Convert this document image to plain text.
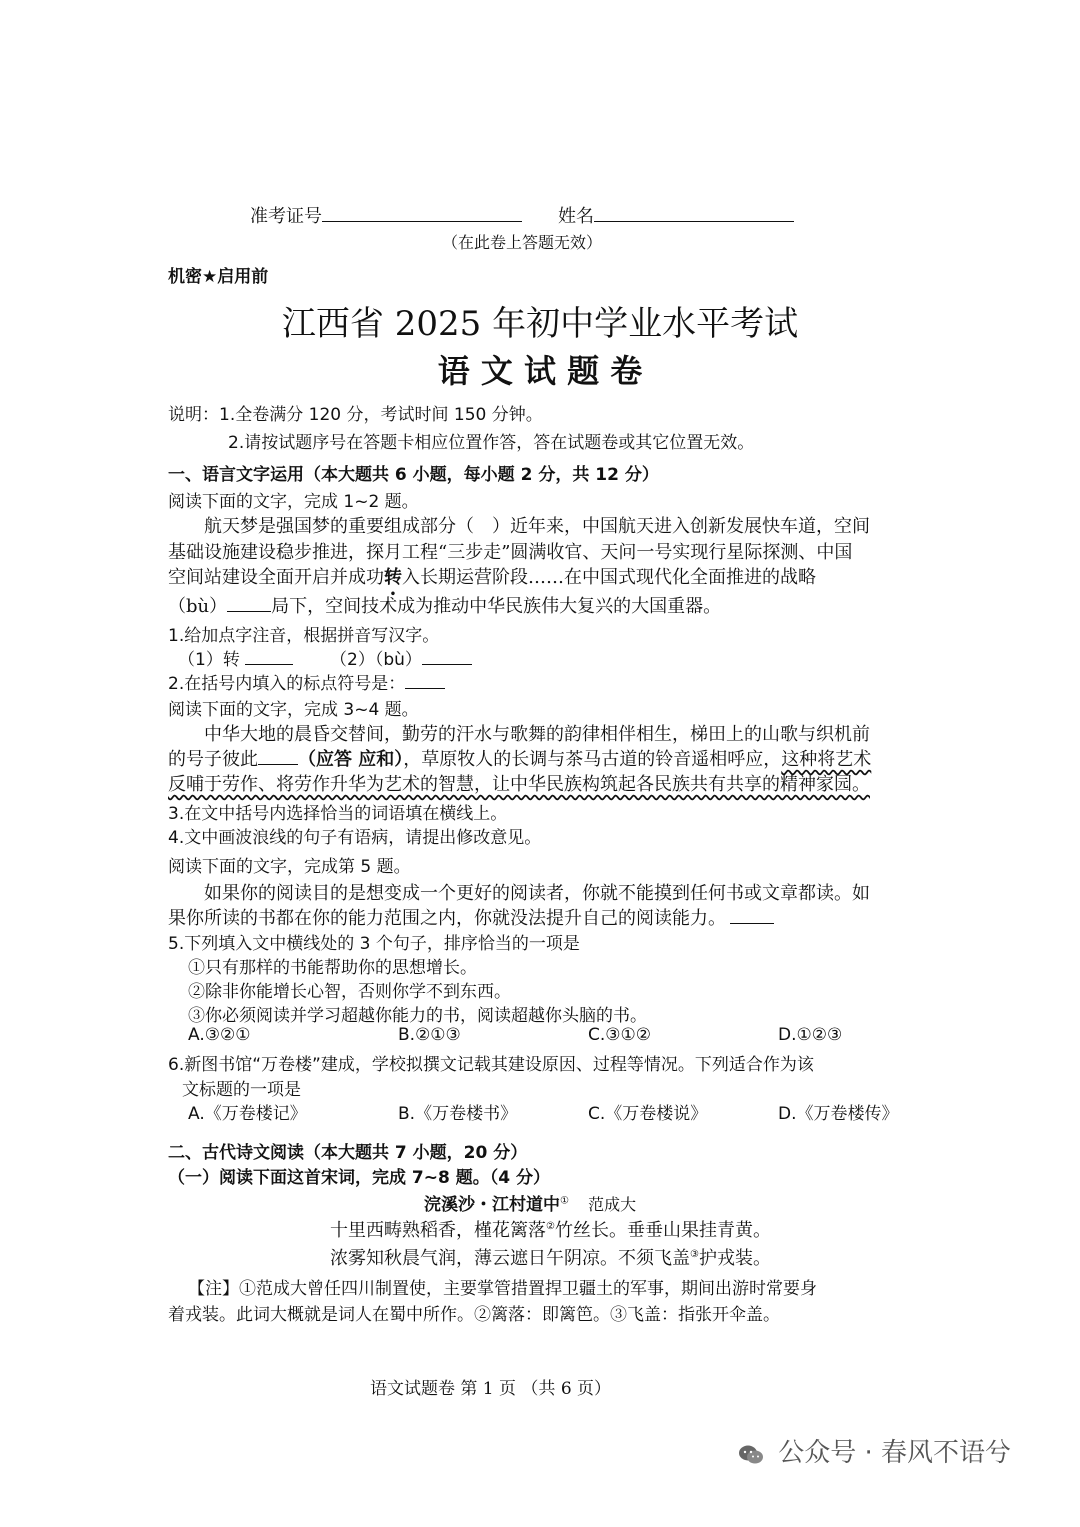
准考证号	姓名
（在此卷上答题无效）
机密★启用前
江西省 2025 年初中学业水平考试
语 文 试 题 卷
说明：1.全卷满分 120 分，考试时间 150 分钟。
2.请按试题序号在答题卡相应位置作答，答在试题卷或其它位置无效。
一、语言文字运用（本大题共 6 小题，每小题 2 分，共 12 分）
阅读下面的文字，完成 1~2 题。
航天梦是强国梦的重要组成部分（　）近年来，中国航天进入创新发展快车道，空间
基础设施建设稳步推进，探月工程“三步走”圆满收官、天问一号实现行星际探测、中国
空间站建设全面开启并成功转入长期运营阶段……在中国式现代化全面推进的战略
（bù） 局下，空间技术成为推动中华民族伟大复兴的大国重器。
1.给加点字注音，根据拼音写汉字。
（1）转	（2）（bù）
2.在括号内填入的标点符号是：
阅读下面的文字，完成 3~4 题。
中华大地的晨昏交替间，勤劳的汗水与歌舞的韵律相伴相生，梯田上的山歌与织机前
的号子彼此 （应答 应和），草原牧人的长调与茶马古道的铃音遥相呼应，这种将艺术
反哺于劳作、将劳作升华为艺术的智慧，让中华民族构筑起各民族共有共享的精神家园。
3.在文中括号内选择恰当的词语填在横线上。
4.文中画波浪线的句子有语病，请提出修改意见。
阅读下面的文字，完成第 5 题。
如果你的阅读目的是想变成一个更好的阅读者，你就不能摸到任何书或文章都读。如
果你所读的书都在你的能力范围之内，你就没法提升自己的阅读能力。
5.下列填入文中横线处的 3 个句子，排序恰当的一项是
①只有那样的书能帮助你的思想增长。
②除非你能增长心智，否则你学不到东西。
③你必须阅读并学习超越你能力的书，阅读超越你头脑的书。
A.③②①	B.②①③	C.③①②	D.①②③
6.新图书馆“万卷楼”建成，学校拟撰文记载其建设原因、过程等情况。下列适合作为该
文标题的一项是
A.《万卷楼记》	B.《万卷楼书》	C.《万卷楼说》	D.《万卷楼传》
二、古代诗文阅读（本大题共 7 小题，20 分）
（一）阅读下面这首宋词，完成 7~8 题。（4 分）
浣溪沙・江村道中① 范成大
十里西畴熟稻香，槿花篱落②竹丝长。垂垂山果挂青黄。
浓雾知秋晨气润，薄云遮日午阴凉。不须飞盖③护戎装。
【注】①范成大曾任四川制置使，主要掌管措置捍卫疆土的军事，期间出游时常要身
着戎装。此词大概就是词人在蜀中所作。②篱落：即篱笆。③飞盖：指张开伞盖。
语文试题卷 第 1 页 （共 6 页）
公众号 · 春风不语兮
